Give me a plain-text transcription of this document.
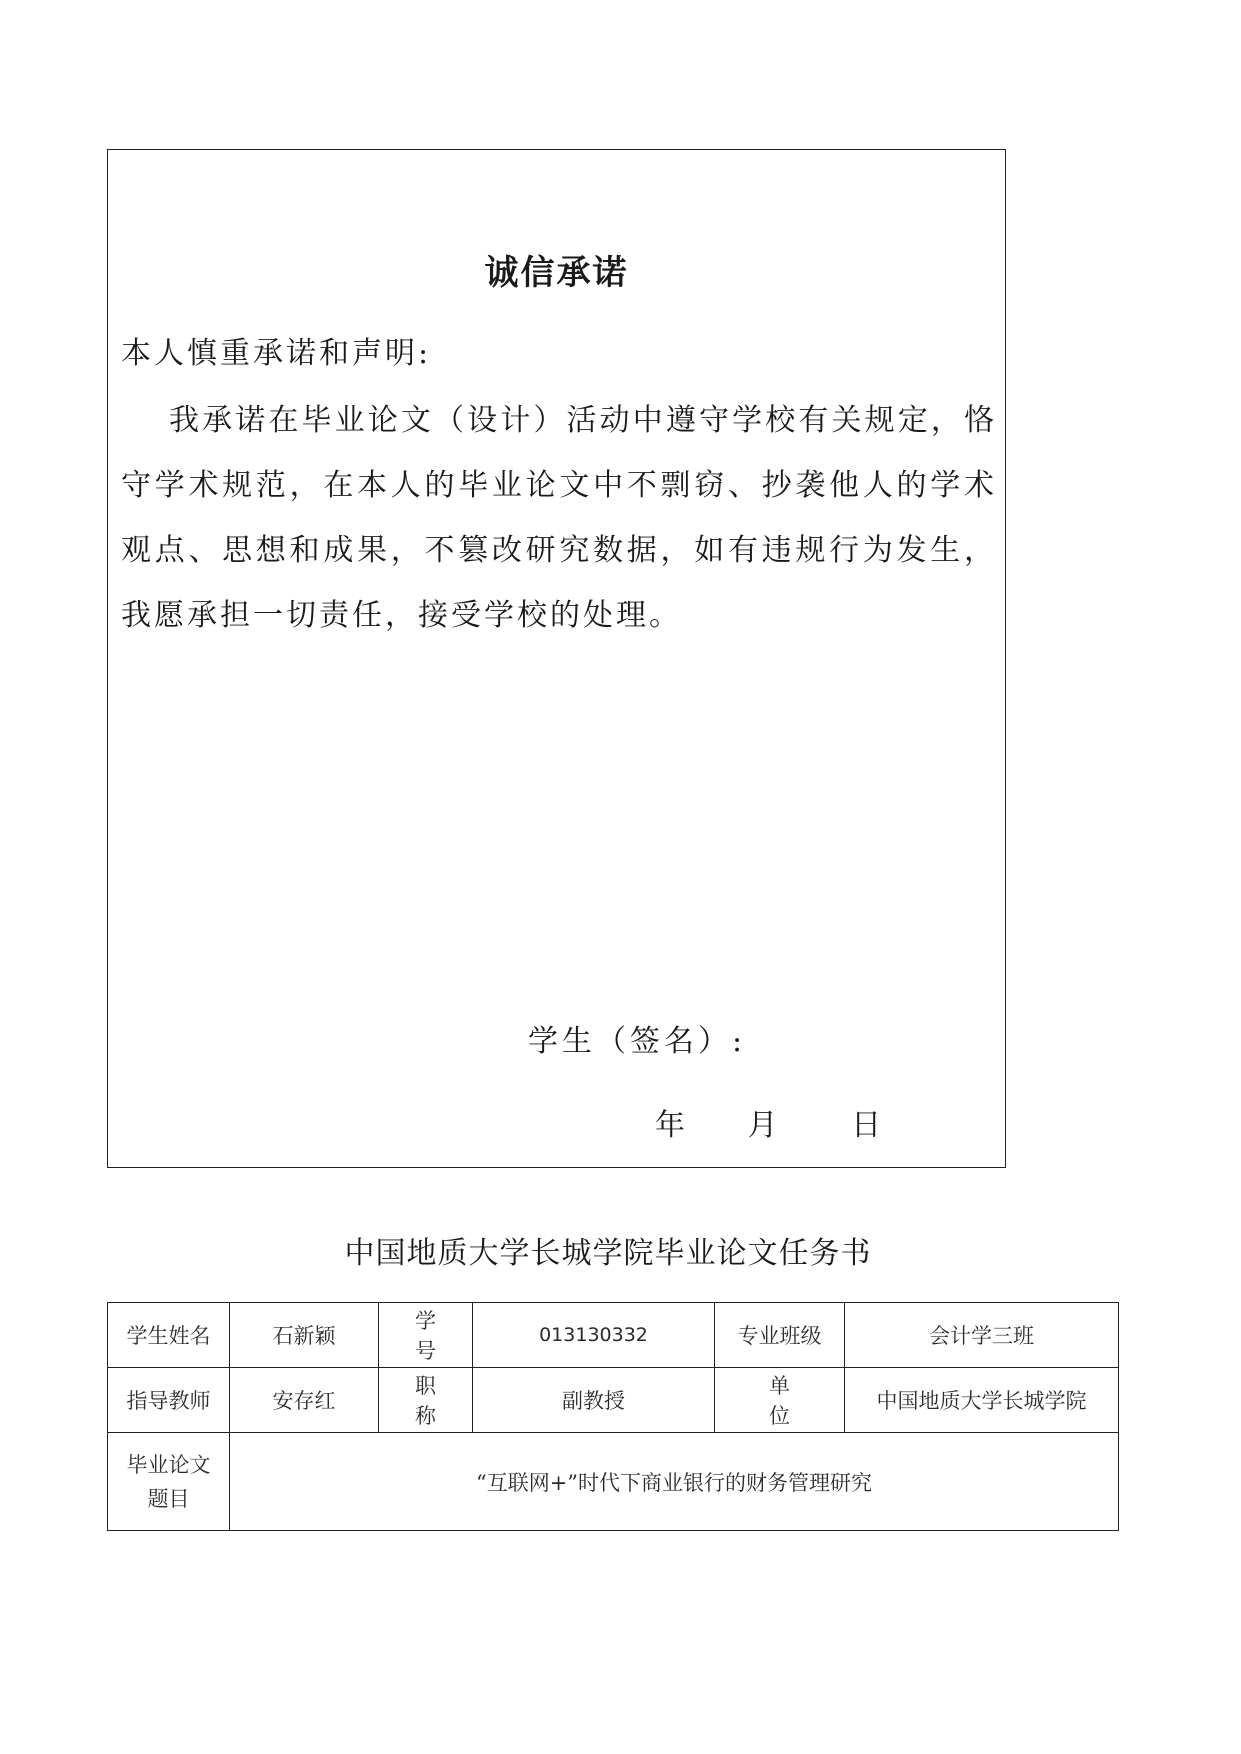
诚信承诺
本人慎重承诺和声明:

我承诺在毕业论文（设计）活动中遵守学校有关规定，恪守学术规范，在本人的毕业论文中不剽窃、抄袭他人的学术观点、思想和成果，不篡改研究数据，如有违规行为发生，我愿承担一切责任，接受学校的处理。

学生（签名）:
年 月 日
中国地质大学长城学院毕业论文任务书
学生姓名	石新颖	学 号	013130332	专业班级	会计学三班
指导教师	安存红	职 称	副教授	单 位	中国地质大学长城学院

毕业论文
题目	“互联网+”时代下商业银行的财务管理研究				
